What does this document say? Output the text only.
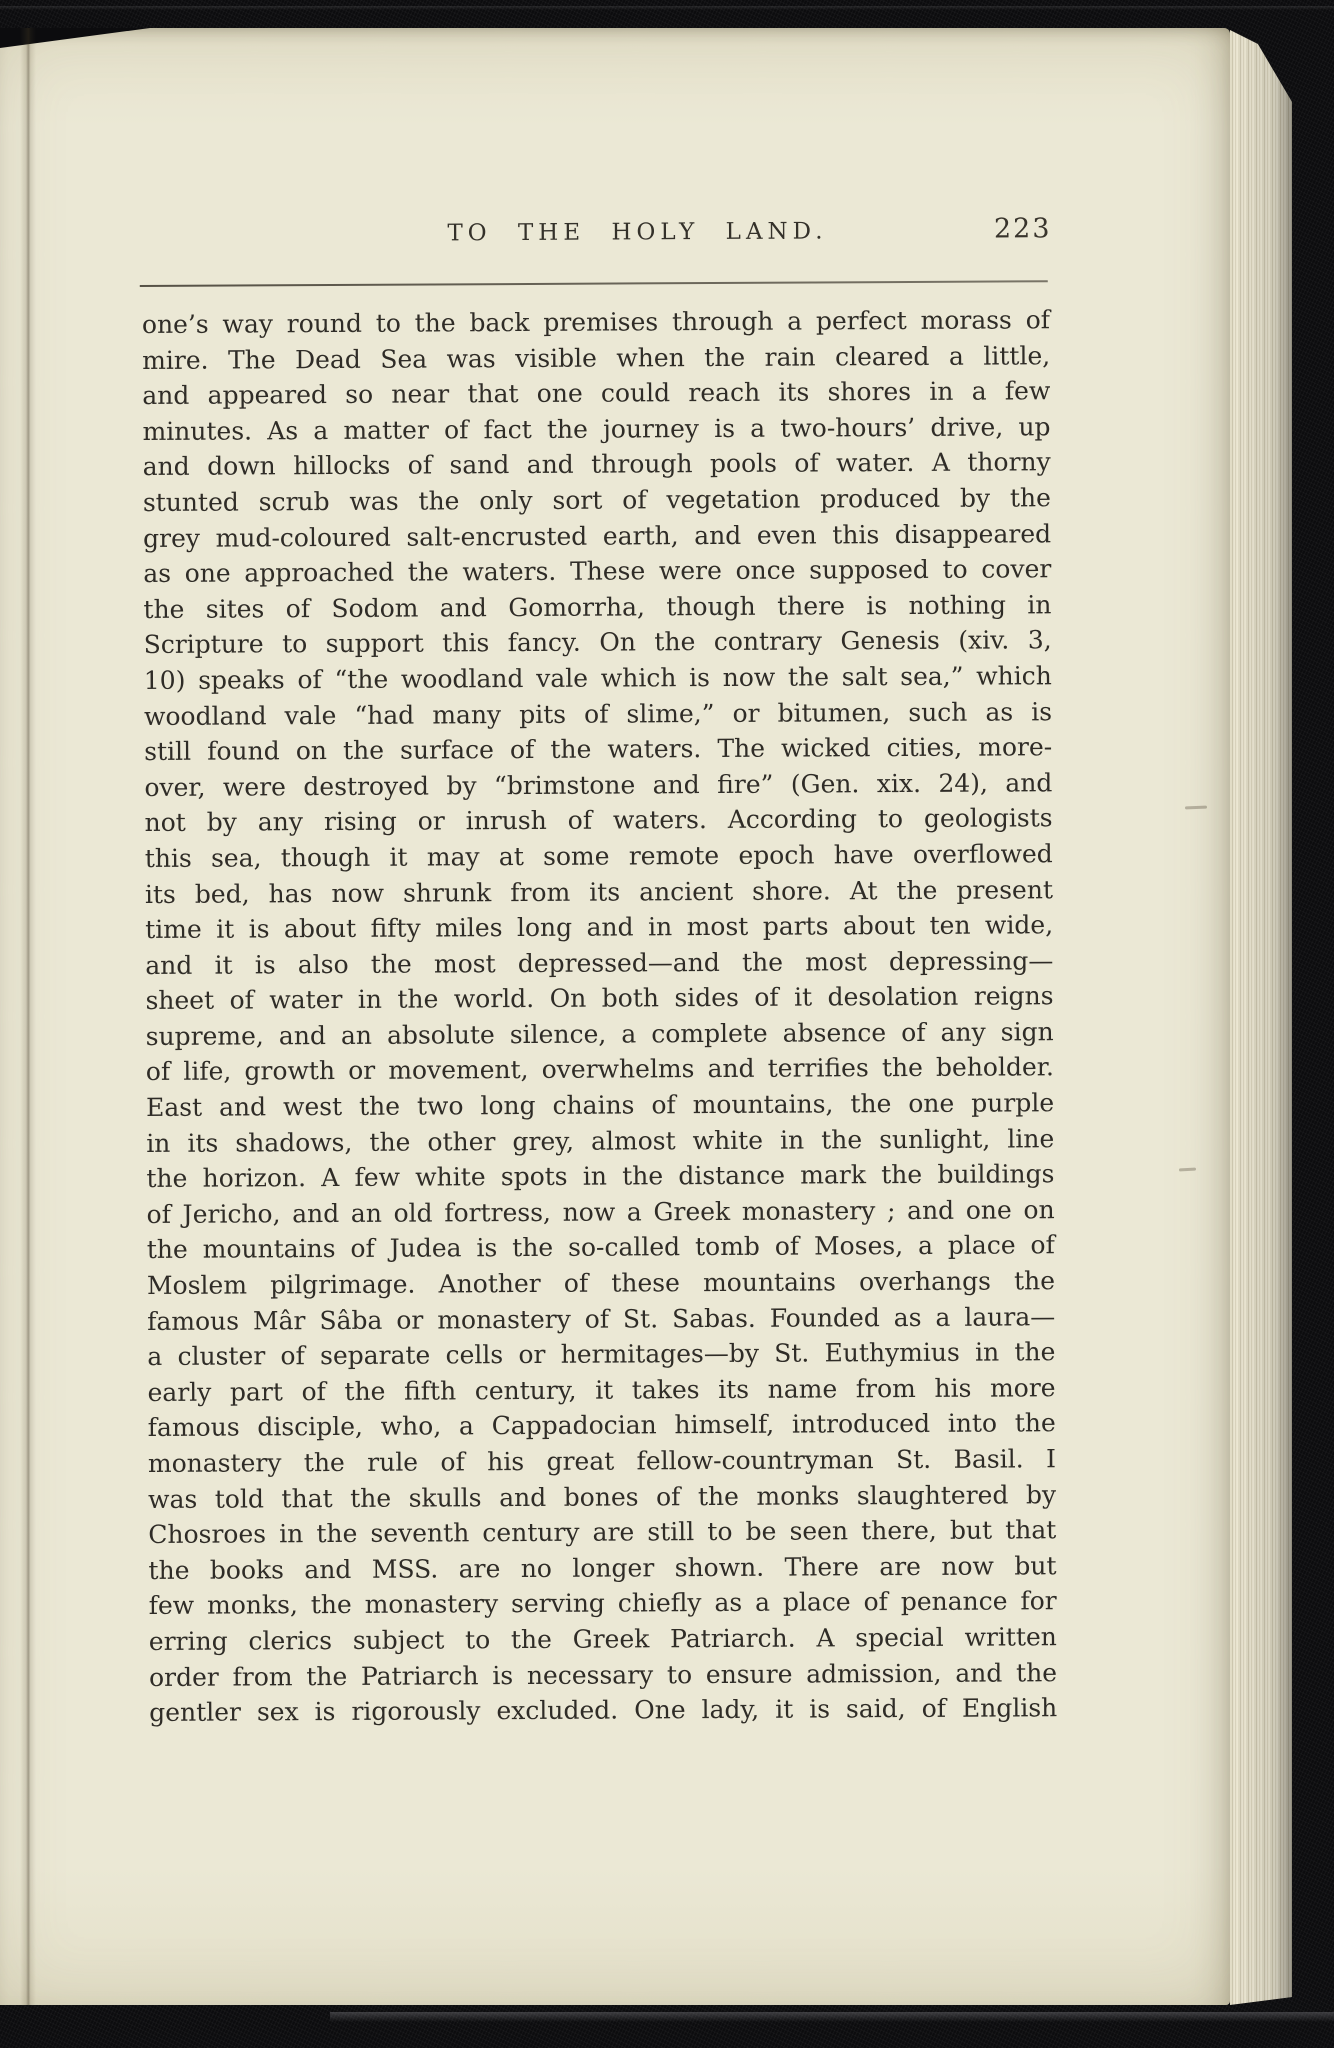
TO THE HOLY LAND.	223
one’s way round to the back premises through a perfect morass of
mire. The Dead Sea was visible when the rain cleared a little,
and appeared so near that one could reach its shores in a few
minutes. As a matter of fact the journey is a two-hours’ drive, up
and down hillocks of sand and through pools of water. A thorny
stunted scrub was the only sort of vegetation produced by the
grey mud-coloured salt-encrusted earth, and even this disappeared
as one approached the waters. These were once supposed to cover
the sites of Sodom and Gomorrha, though there is nothing in
Scripture to support this fancy. On the contrary Genesis (xiv. 3,
10) speaks of “the woodland vale which is now the salt sea,” which
woodland vale “had many pits of slime,” or bitumen, such as is
still found on the surface of the waters. The wicked cities, more-
over, were destroyed by “brimstone and fire” (Gen. xix. 24), and
not by any rising or inrush of waters. According to geologists
this sea, though it may at some remote epoch have overflowed
its bed, has now shrunk from its ancient shore. At the present
time it is about fifty miles long and in most parts about ten wide,
and it is also the most depressed—and the most depressing—
sheet of water in the world. On both sides of it desolation reigns
supreme, and an absolute silence, a complete absence of any sign
of life, growth or movement, overwhelms and terrifies the beholder.
East and west the two long chains of mountains, the one purple
in its shadows, the other grey, almost white in the sunlight, line
the horizon. A few white spots in the distance mark the buildings
of Jericho, and an old fortress, now a Greek monastery ; and one on
the mountains of Judea is the so-called tomb of Moses, a place of
Moslem pilgrimage. Another of these mountains overhangs the
famous Mâr Sâba or monastery of St. Sabas. Founded as a laura—
a cluster of separate cells or hermitages—by St. Euthymius in the
early part of the fifth century, it takes its name from his more
famous disciple, who, a Cappadocian himself, introduced into the
monastery the rule of his great fellow-countryman St. Basil. I
was told that the skulls and bones of the monks slaughtered by
Chosroes in the seventh century are still to be seen there, but that
the books and MSS. are no longer shown. There are now but
few monks, the monastery serving chiefly as a place of penance for
erring clerics subject to the Greek Patriarch. A special written
order from the Patriarch is necessary to ensure admission, and the
gentler sex is rigorously excluded. One lady, it is said, of English
